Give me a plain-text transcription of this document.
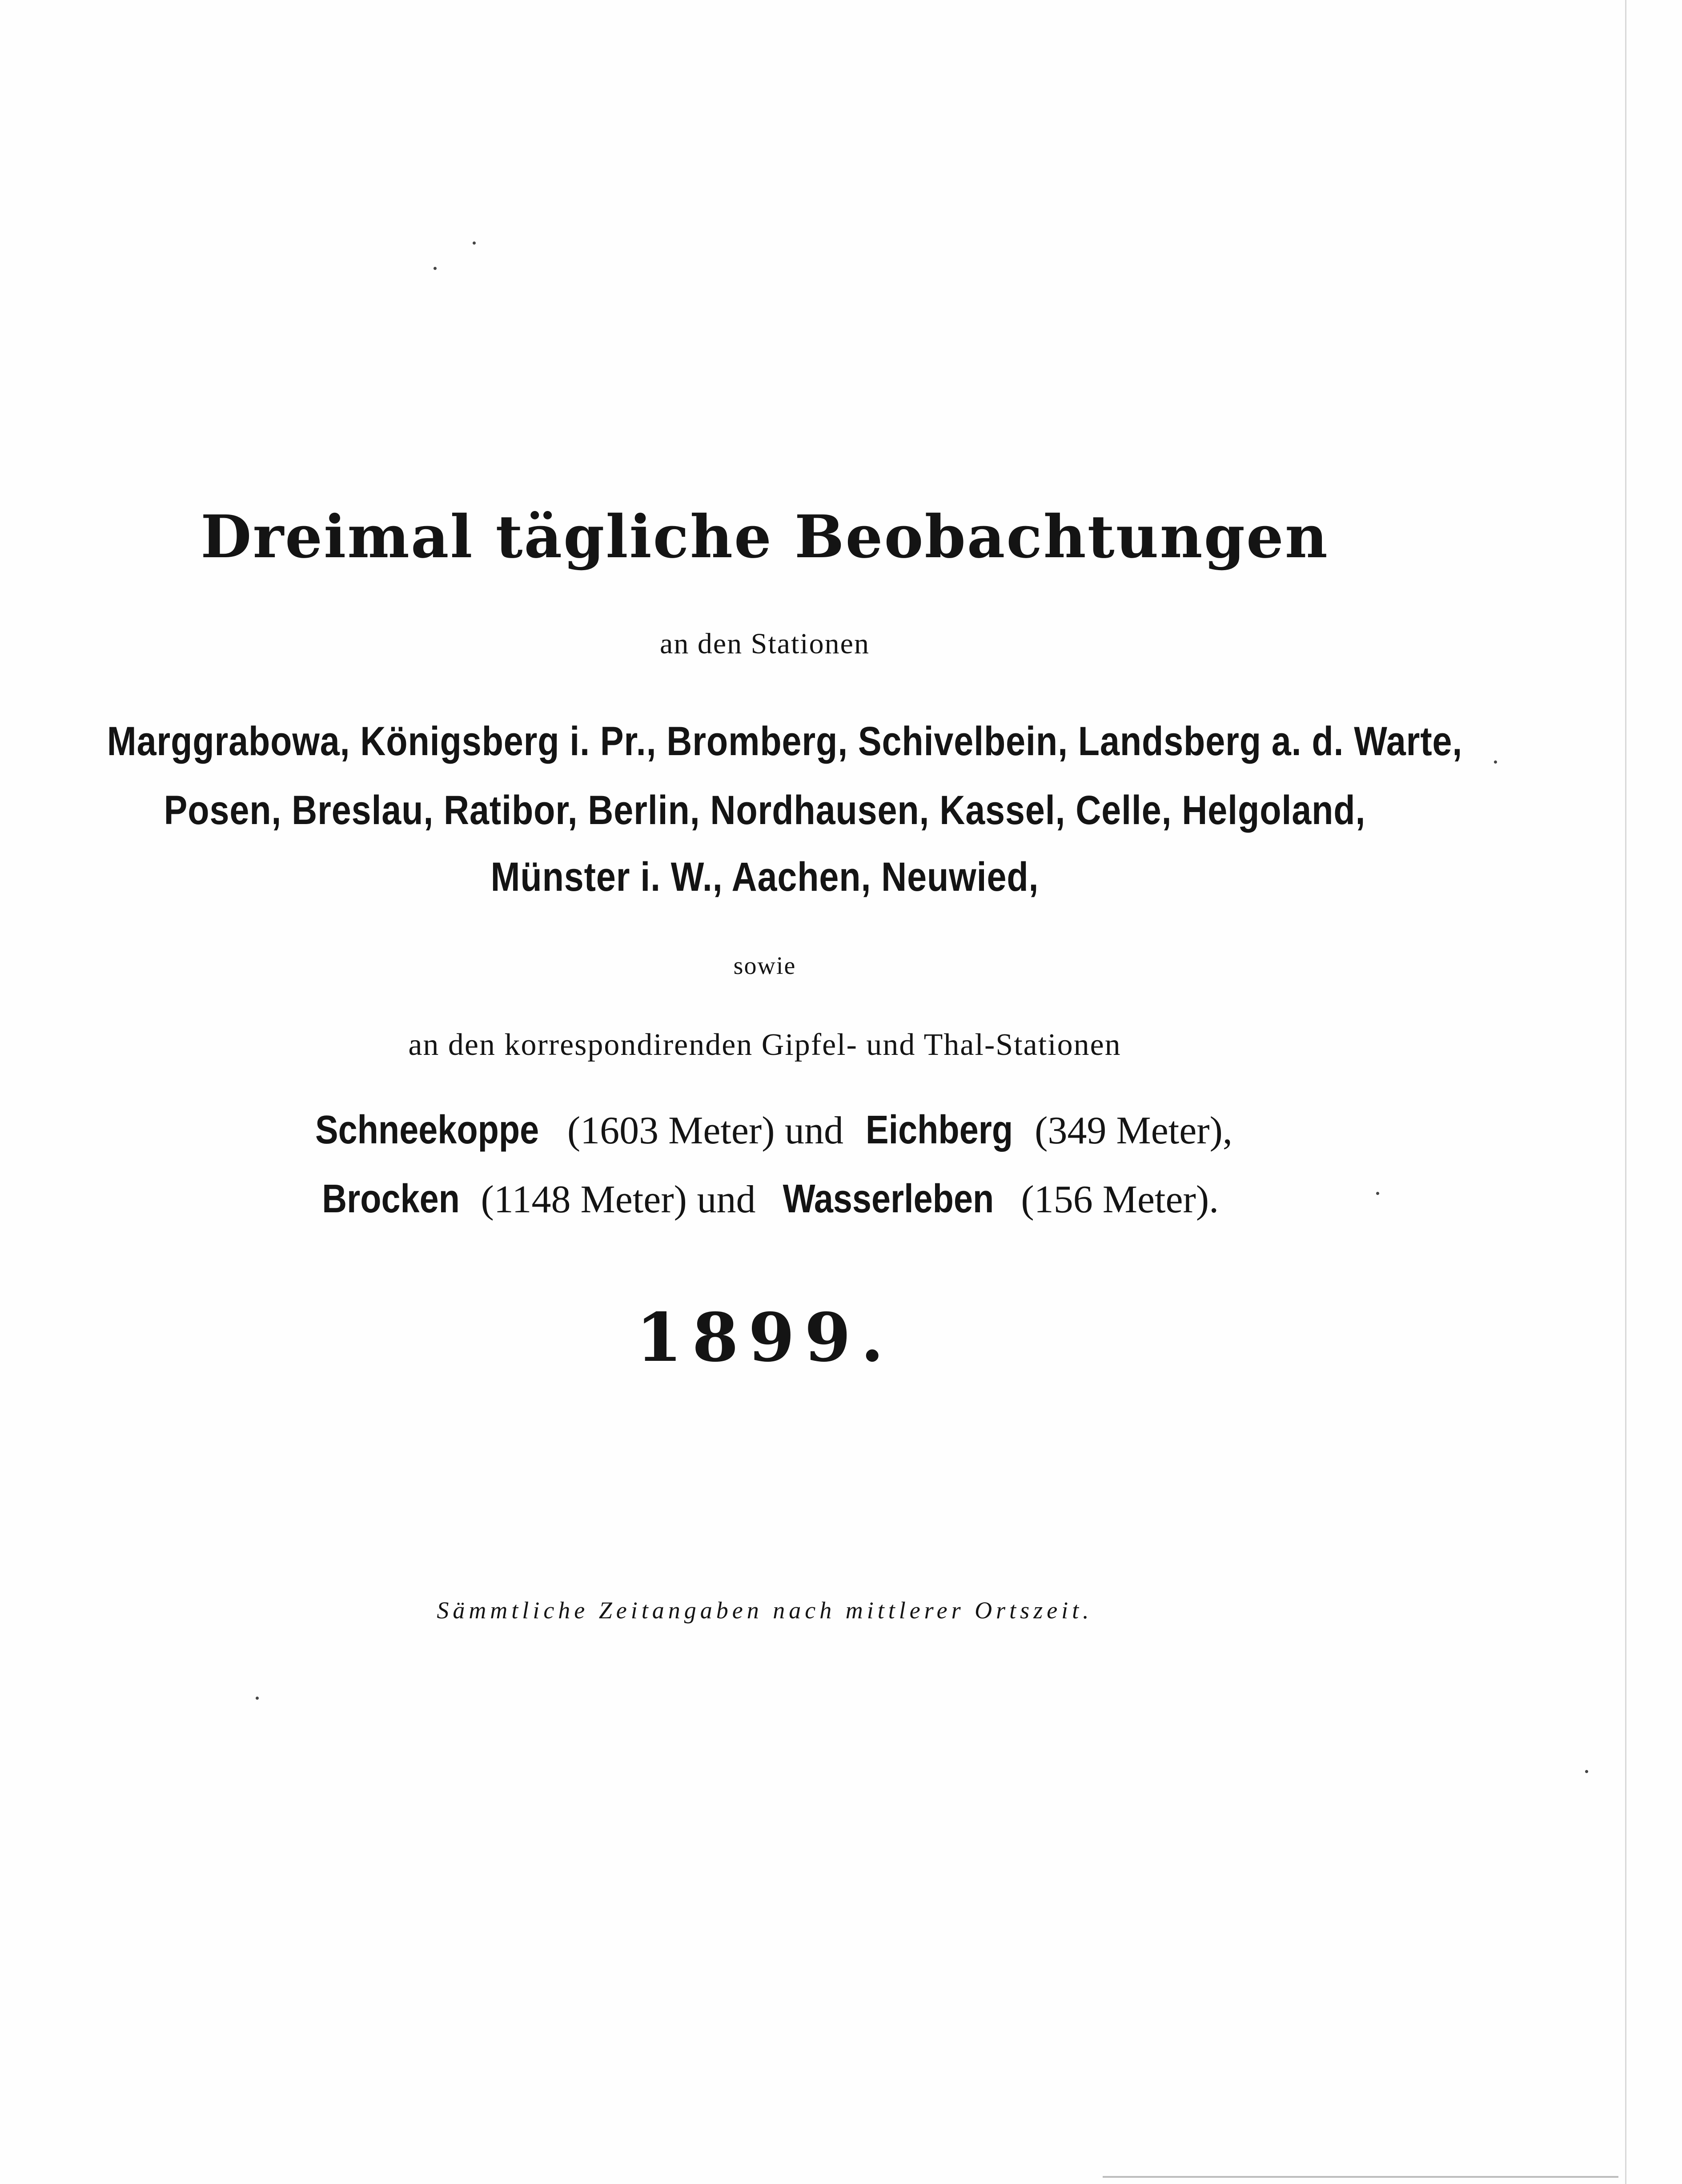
Dreimal tägliche Beobachtungen
an den Stationen
Marggrabowa, Königsberg i. Pr., Bromberg, Schivelbein, Landsberg a. d. Warte,
Posen, Breslau, Ratibor, Berlin, Nordhausen, Kassel, Celle, Helgoland,
Münster i. W., Aachen, Neuwied,
sowie
an den korrespondirenden Gipfel- und Thal-Stationen
Schneekoppe (1603 Meter) und Eichberg (349 Meter),
Brocken (1148 Meter) und Wasserleben (156 Meter).
1899.
Sämmtliche Zeitangaben nach mittlerer Ortszeit.
